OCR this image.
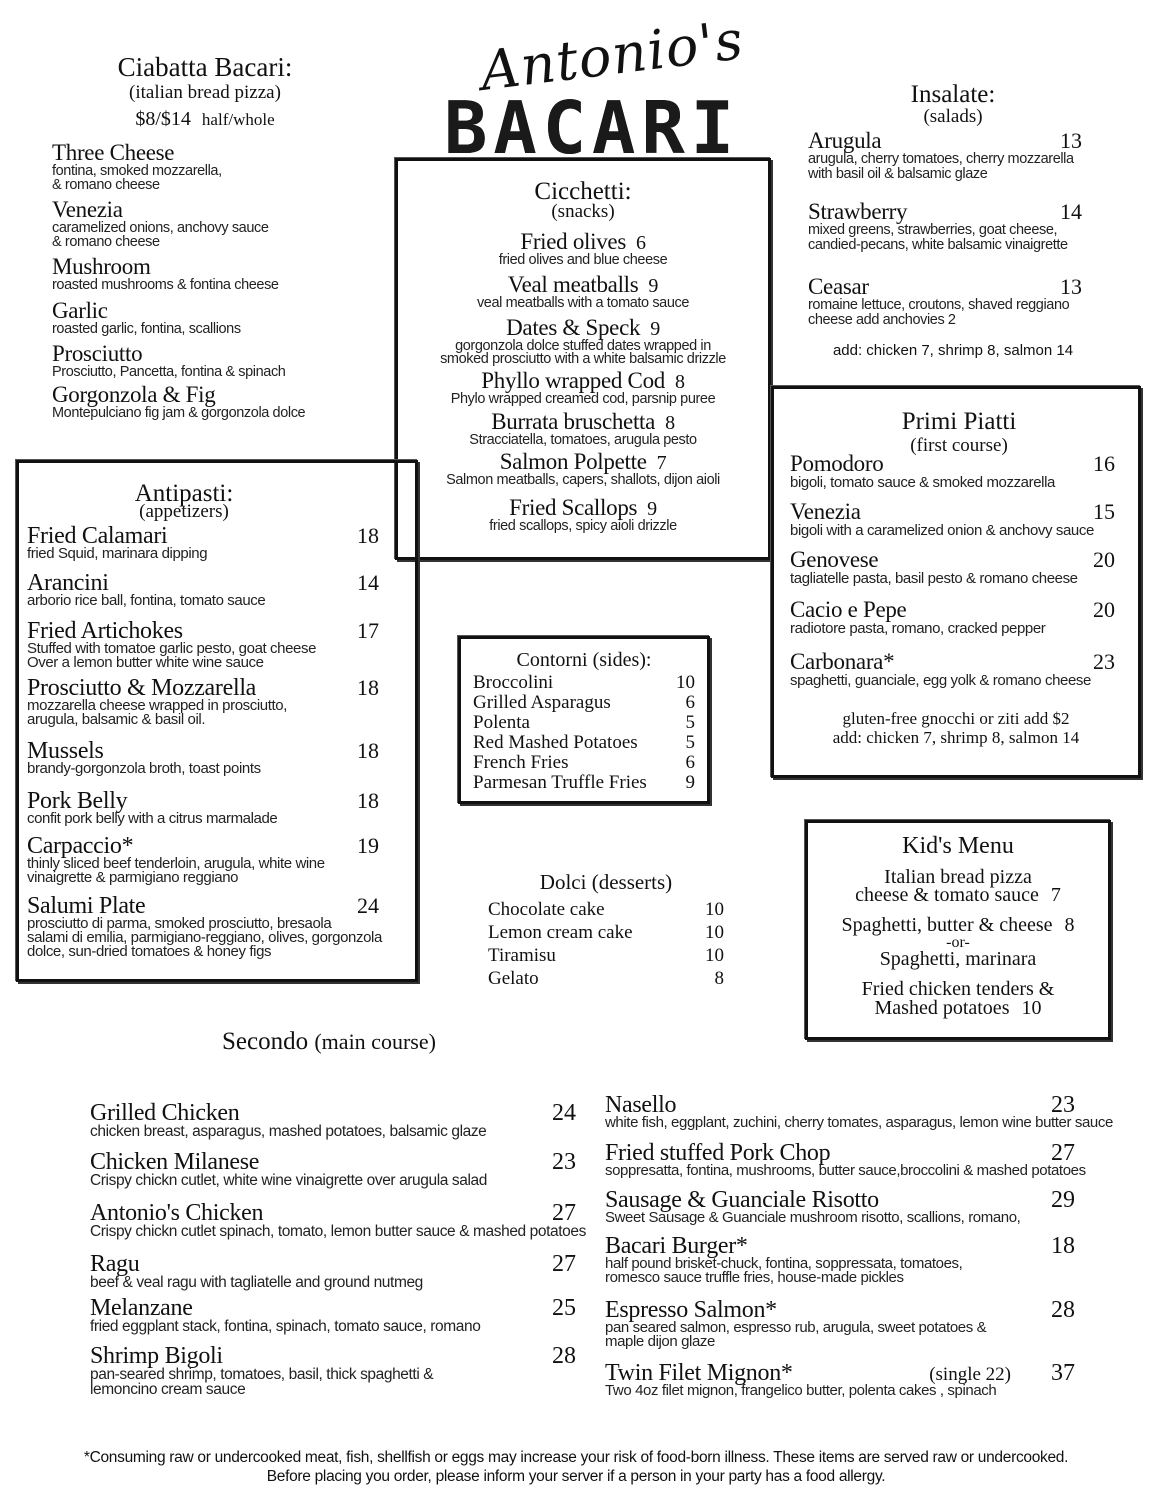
Antonio's
BACARI
Ciabatta Bacari:
(italian bread pizza)
$8/$14 half/whole
Three Cheese
fontina, smoked mozzarella,
& romano cheese
Venezia
caramelized onions, anchovy sauce
& romano cheese
Mushroom
roasted mushrooms & fontina cheese
Garlic
roasted garlic, fontina, scallions
Prosciutto
Prosciutto, Pancetta, fontina & spinach
Gorgonzola & Fig
Montepulciano fig jam & gorgonzola dolce
Cicchetti:
(snacks)
Fried olives 6
fried olives and blue cheese
Veal meatballs 9
veal meatballs with a tomato sauce
Dates & Speck 9
gorgonzola dolce stuffed dates wrapped in
smoked prosciutto with a white balsamic drizzle
Phyllo wrapped Cod 8
Phylo wrapped creamed cod, parsnip puree
Burrata bruschetta 8
Stracciatella, tomatoes, arugula pesto
Salmon Polpette 7
Salmon meatballs, capers, shallots, dijon aioli
Fried Scallops 9
fried scallops, spicy aioli drizzle
Insalate:
(salads)
Arugula	13
arugula, cherry tomatoes, cherry mozzarella
with basil oil & balsamic glaze
Strawberry	14
mixed greens, strawberries, goat cheese,
candied-pecans, white balsamic vinaigrette
Ceasar	13
romaine lettuce, croutons, shaved reggiano
cheese add anchovies 2
add: chicken 7, shrimp 8, salmon 14
Antipasti:
(appetizers)
Fried Calamari	18
fried Squid, marinara dipping
Arancini	14
arborio rice ball, fontina, tomato sauce
Fried Artichokes	17
Stuffed with tomatoe garlic pesto, goat cheese
Over a lemon butter white wine sauce
Prosciutto & Mozzarella	18
mozzarella cheese wrapped in prosciutto,
arugula, balsamic & basil oil.
Mussels	18
brandy-gorgonzola broth, toast points
Pork Belly	18
confit pork belly with a citrus marmalade
Carpaccio*	19
thinly sliced beef tenderloin, arugula, white wine
vinaigrette & parmigiano reggiano
Salumi Plate	24
prosciutto di parma, smoked prosciutto, bresaola
salami di emilia, parmigiano-reggiano, olives, gorgonzola
dolce, sun-dried tomatoes & honey figs
Primi Piatti
(first course)
Pomodoro	16
bigoli, tomato sauce & smoked mozzarella
Venezia	15
bigoli with a caramelized onion & anchovy sauce
Genovese	20
tagliatelle pasta, basil pesto & romano cheese
Cacio e Pepe	20
radiotore pasta, romano, cracked pepper
Carbonara*	23
spaghetti, guanciale, egg yolk & romano cheese
gluten-free gnocchi or ziti add $2
add: chicken 7, shrimp 8, salmon 14
Contorni (sides):
Broccolini	10
Grilled Asparagus	6
Polenta	5
Red Mashed Potatoes	5
French Fries	6
Parmesan Truffle Fries 9
Kid's Menu
Italian bread pizza
cheese & tomato sauce 7
Spaghetti, butter & cheese 8
-or-
Spaghetti, marinara
Fried chicken tenders &
Mashed potatoes 10
Dolci (desserts)
Chocolate cake	10
Lemon cream cake	10
Tiramisu	10
Gelato	8
Secondo (main course)
Grilled Chicken	24
chicken breast, asparagus, mashed potatoes, balsamic glaze
Chicken Milanese	23
Crispy chickn cutlet, white wine vinaigrette over arugula salad
Antonio's Chicken	27
Crispy chickn cutlet spinach, tomato, lemon butter sauce & mashed potatoes
Ragu	27
beef & veal ragu with tagliatelle and ground nutmeg
Melanzane	25
fried eggplant stack, fontina, spinach, tomato sauce, romano
Shrimp Bigoli	28
pan-seared shrimp, tomatoes, basil, thick spaghetti &
lemoncino cream sauce
Nasello	23
white fish, eggplant, zuchini, cherry tomates, asparagus, lemon wine butter sauce
Fried stuffed Pork Chop	27
soppresatta, fontina, mushrooms, butter sauce,broccolini & mashed potatoes
Sausage & Guanciale Risotto	29
Sweet Sausage & Guanciale mushroom risotto, scallions, romano,
Bacari Burger*	18
half pound brisket-chuck, fontina, soppressata, tomatoes,
romesco sauce truffle fries, house-made pickles
Espresso Salmon*	28
pan seared salmon, espresso rub, arugula, sweet potatoes &
maple dijon glaze
Twin Filet Mignon*	37
(single 22)
Two 4oz filet mignon, frangelico butter, polenta cakes , spinach
*Consuming raw or undercooked meat, fish, shellfish or eggs may increase your risk of food-born illness. These items are served raw or undercooked.
Before placing you order, please inform your server if a person in your party has a food allergy.
